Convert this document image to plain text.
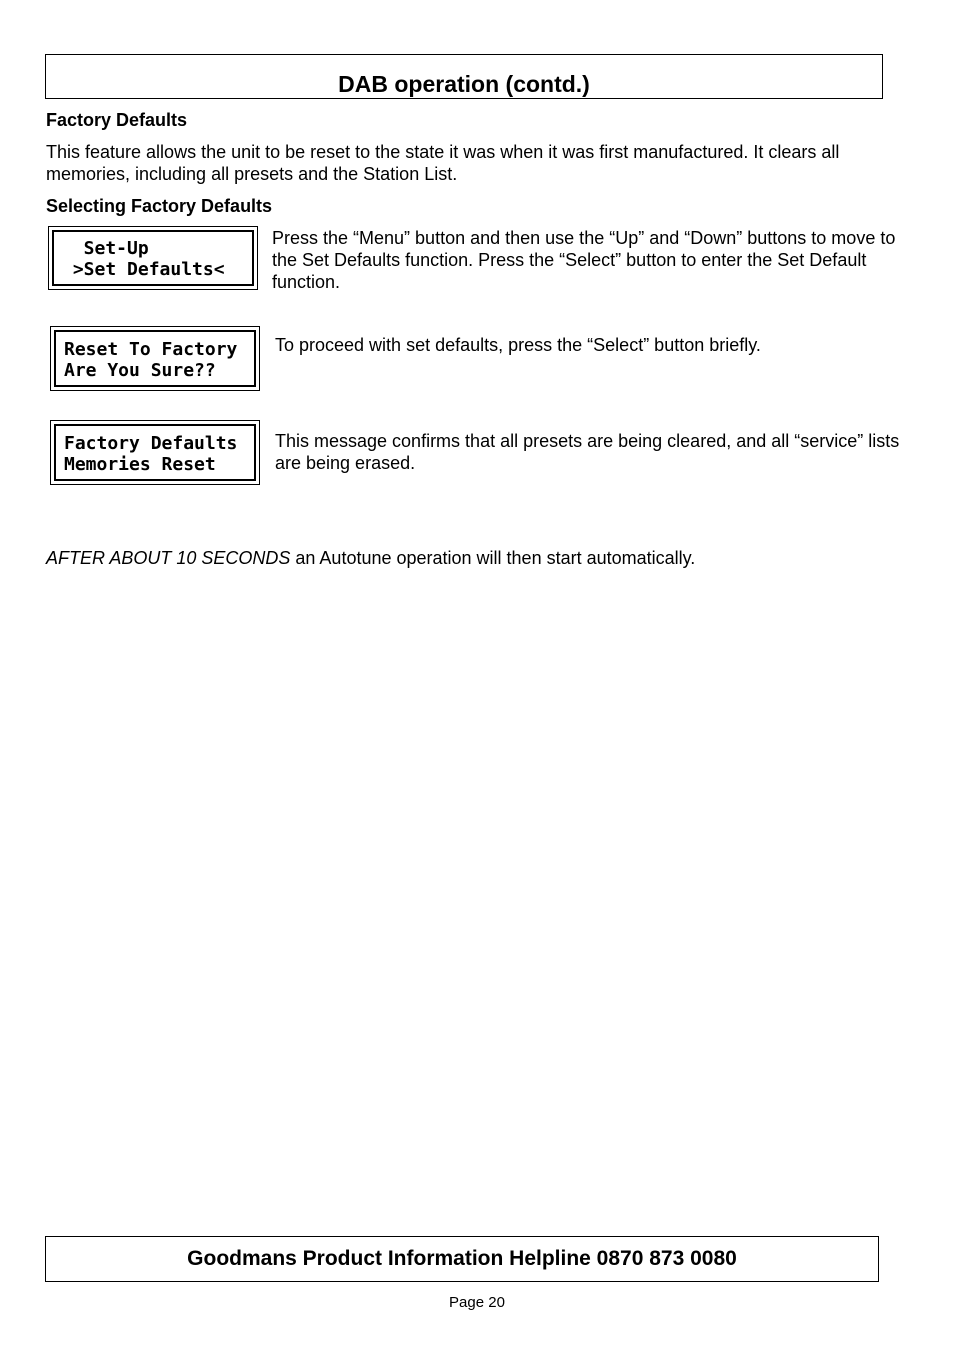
DAB operation (contd.)
Factory Defaults
This feature allows the unit to be reset to the state it was when it was first manufactured. It clears all memories, including all presets and the Station List.
Selecting Factory Defaults
Set-Up
>Set Defaults<
Press the “Menu” button and then use the “Up” and “Down” buttons to move to the Set Defaults function. Press the “Select” button to enter the Set Default function.
Reset To Factory
Are You Sure??
To proceed with set defaults, press the “Select” button briefly.
Factory Defaults
Memories Reset
This message confirms that all presets are being cleared, and all “service” lists are being erased.
AFTER ABOUT 10 SECONDS an Autotune operation will then start automatically.
Goodmans Product Information Helpline 0870 873 0080
Page 20
